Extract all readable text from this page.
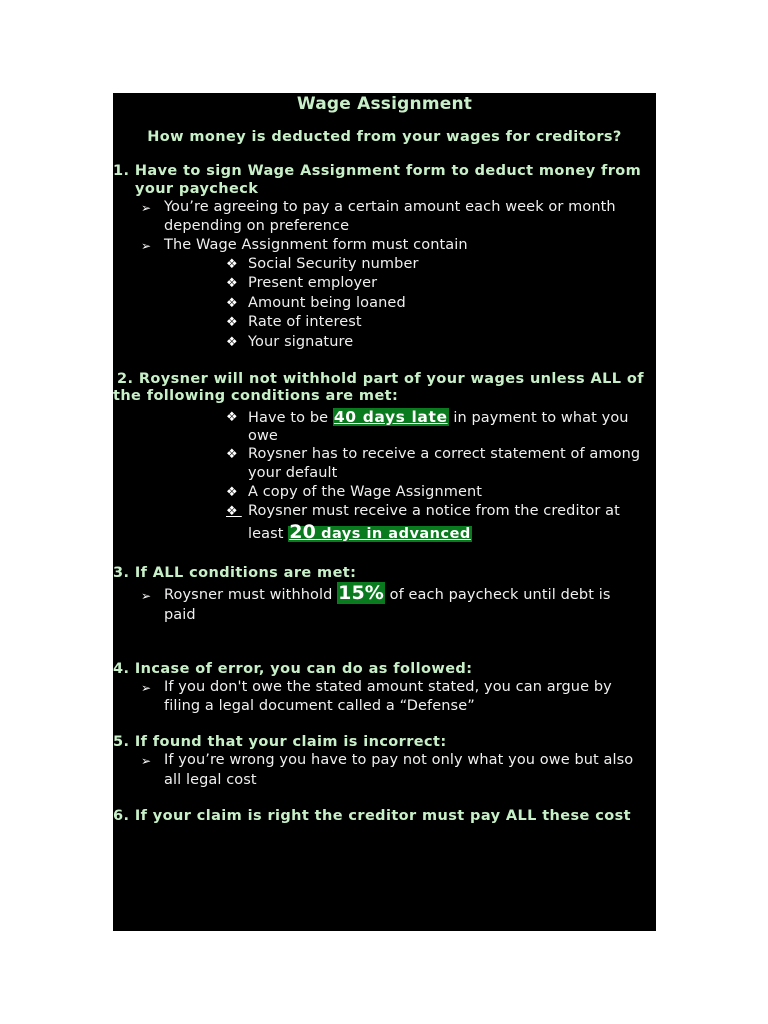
Wage Assignment
How money is deducted from your wages for creditors?
1. Have to sign Wage Assignment form to deduct money from
your paycheck
➢ You’re agreeing to pay a certain amount each week or month
depending on preference
➢ The Wage Assignment form must contain
❖ Social Security number
❖ Present employer
❖ Amount being loaned
❖ Rate of interest
❖ Your signature
2. Roysner will not withhold part of your wages unless ALL of
the following conditions are met:
❖ Have to be 40 days late in payment to what you
owe
❖ Roysner has to receive a correct statement of among
your default
❖ A copy of the Wage Assignment
❖ Roysner must receive a notice from the creditor at
least 20 days in advanced
3. If ALL conditions are met:
➢ Roysner must withhold 15% of each paycheck until debt is
paid
4. Incase of error, you can do as followed:
➢ If you don't owe the stated amount stated, you can argue by
filing a legal document called a “Defense”
5. If found that your claim is incorrect:
➢ If you’re wrong you have to pay not only what you owe but also
all legal cost
6. If your claim is right the creditor must pay ALL these cost
